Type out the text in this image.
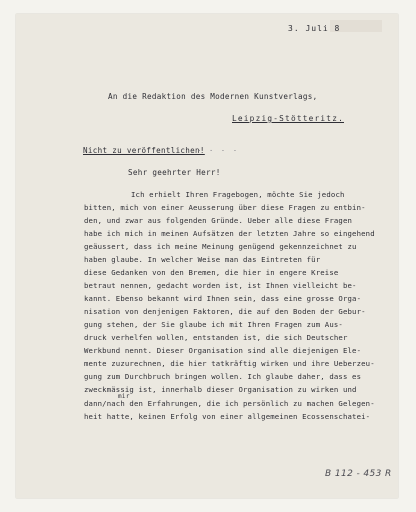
3. Juli 8
An die Redaktion des Modernen Kunstverlags,
Leipzig-Stötteritz.
Nicht zu veröffentlichen!
· · · ·
Sehr geehrter Herr!
Ich erhielt Ihren Fragebogen, möchte Sie jedoch
bitten, mich von einer Aeusserung über diese Fragen zu entbin-
den, und zwar aus folgenden Gründe. Ueber alle diese Fragen
habe ich mich in meinen Aufsätzen der letzten Jahre so eingehend
geäussert, dass ich meine Meinung genügend gekennzeichnet zu
haben glaube. In welcher Weise man das Eintreten für
diese Gedanken von den Bremen, die hier in engere Kreise
betraut nennen, gedacht worden ist, ist Ihnen vielleicht be-
kannt. Ebenso bekannt wird Ihnen sein, dass eine grosse Orga-
nisation von denjenigen Faktoren, die auf den Boden der Gebur-
gung stehen, der Sie glaube ich mit Ihren Fragen zum Aus-
druck verhelfen wollen, entstanden ist, die sich Deutscher
Werkbund nennt. Dieser Organisation sind alle diejenigen Ele-
mente zuzurechnen, die hier tatkräftig wirken und ihre Ueberzeu-
gung zum Durchbruch bringen wollen. Ich glaube daher, dass es
zweckmässig ist, innerhalb dieser Organisation zu wirken und
mir
dann/nach den Erfahrungen, die ich persönlich zu machen Gelegen-
heit hatte, keinen Erfolg von einer allgemeinen Ecossenschatei-
B 112 - 453 R
